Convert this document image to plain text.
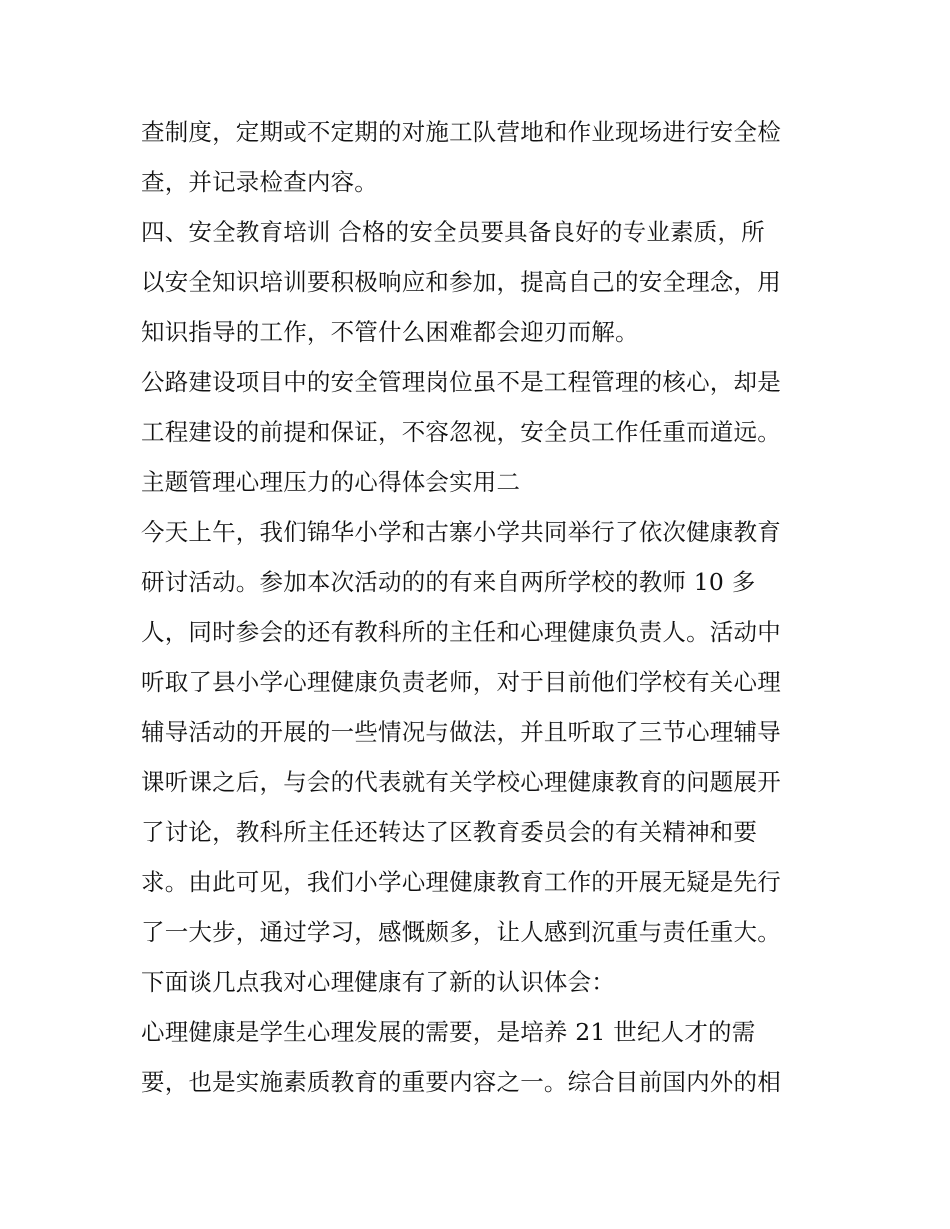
查制度，定期或不定期的对施工队营地和作业现场进行安全检
查，并记录检查内容。
四、安全教育培训 合格的安全员要具备良好的专业素质，所
以安全知识培训要积极响应和参加，提高自己的安全理念，用
知识指导的工作，不管什么困难都会迎刃而解。
公路建设项目中的安全管理岗位虽不是工程管理的核心，却是
工程建设的前提和保证，不容忽视，安全员工作任重而道远。
主题管理心理压力的心得体会实用二
今天上午，我们锦华小学和古寨小学共同举行了依次健康教育
研讨活动。参加本次活动的的有来自两所学校的教师 10 多
人，同时参会的还有教科所的主任和心理健康负责人。活动中
听取了县小学心理健康负责老师，对于目前他们学校有关心理
辅导活动的开展的一些情况与做法，并且听取了三节心理辅导
课听课之后，与会的代表就有关学校心理健康教育的问题展开
了讨论，教科所主任还转达了区教育委员会的有关精神和要
求。由此可见，我们小学心理健康教育工作的开展无疑是先行
了一大步，通过学习，感慨颇多，让人感到沉重与责任重大。
下面谈几点我对心理健康有了新的认识体会：
心理健康是学生心理发展的需要，是培养 21 世纪人才的需
要，也是实施素质教育的重要内容之一。综合目前国内外的相
